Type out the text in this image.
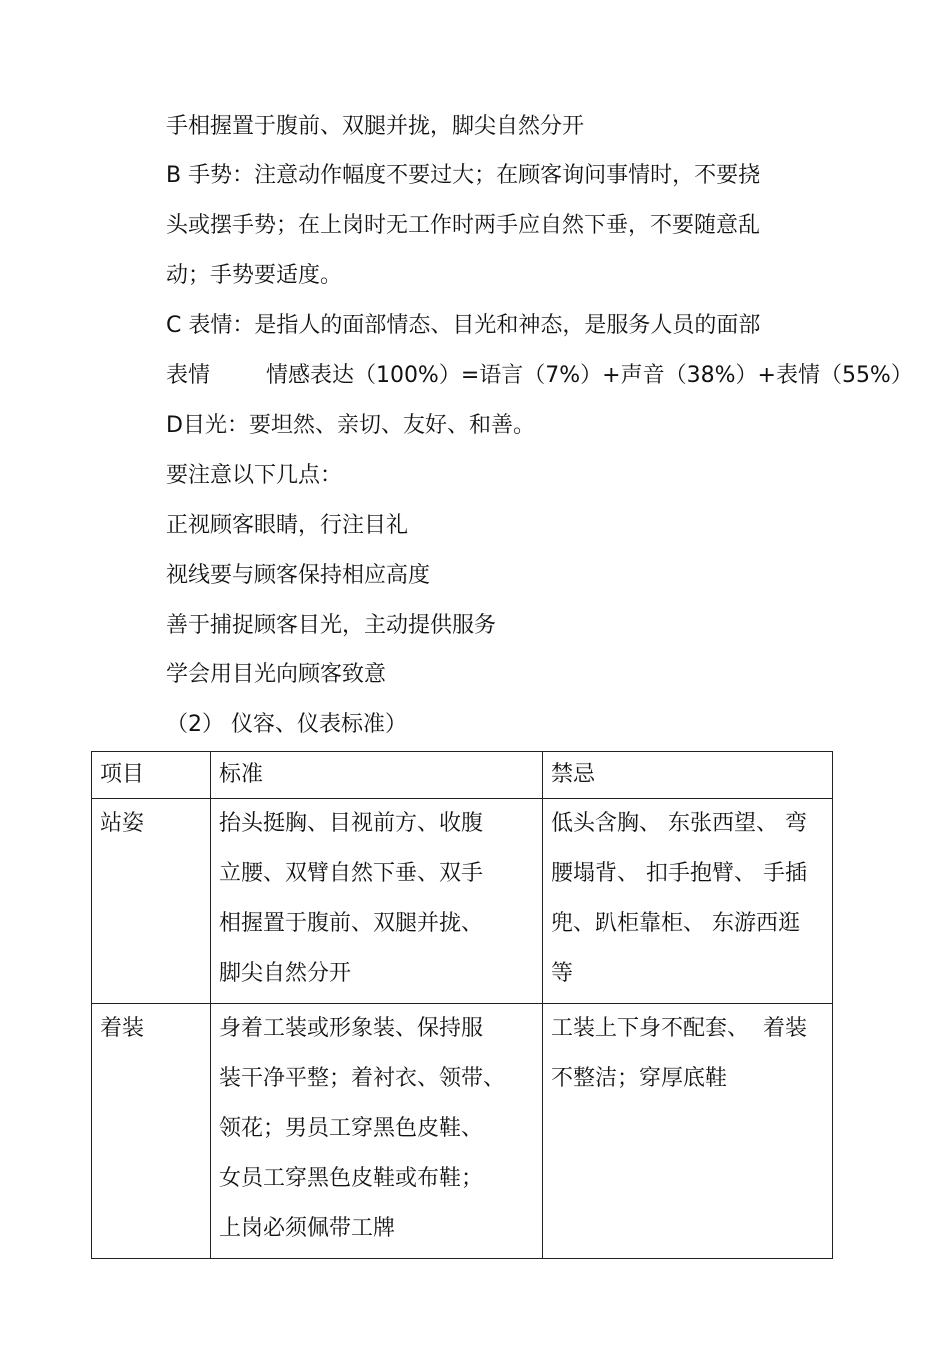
手相握置于腹前、双腿并拢，脚尖自然分开
B 手势：注意动作幅度不要过大；在顾客询问事情时，不要挠
头或摆手势；在上岗时无工作时两手应自然下垂，不要随意乱
动；手势要适度。
C 表情：是指人的面部情态、目光和神态，是服务人员的面部
表情        情感表达（100%）=语言（7%）+声音（38%）+表情（55%）
D目光：要坦然、亲切、友好、和善。
要注意以下几点：
正视顾客眼睛，行注目礼
视线要与顾客保持相应高度
善于捕捉顾客目光，主动提供服务
学会用目光向顾客致意
（2） 仪容、仪表标准）
项目	标准	禁忌
站姿	抬头挺胸、目视前方、收腹
立腰、双臂自然下垂、双手
相握置于腹前、双腿并拢、
脚尖自然分开	低头含胸、 东张西望、 弯
腰塌背、 扣手抱臂、 手插
兜、趴柜靠柜、 东游西逛
等

着装	身着工装或形象装、保持服
装干净平整；着衬衣、领带、
领花；男员工穿黑色皮鞋、
女员工穿黑色皮鞋或布鞋；
上岗必须佩带工牌	工装上下身不配套、  着装
不整洁；穿厚底鞋
